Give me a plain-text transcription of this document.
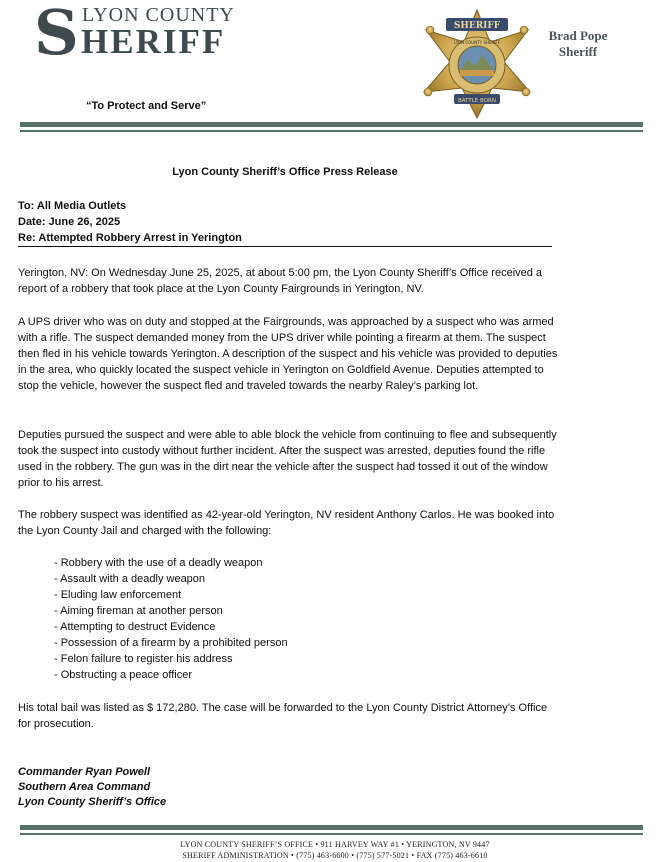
S LYON COUNTY
HERIFF
“To Protect and Serve”
SHERIFF
BATTLE BORN
LYON COUNTY SHERIFF	Brad Pope
Sheriff
Lyon County Sheriff’s Office Press Release
To: All Media Outlets
Date: June 26, 2025
Re: Attempted Robbery Arrest in Yerington

Yerington, NV: On Wednesday June 25, 2025, at about 5:00 pm, the Lyon County Sheriff’s Office received a report of a robbery that took place at the Lyon County Fairgrounds in Yerington, NV.

A UPS driver who was on duty and stopped at the Fairgrounds, was approached by a suspect who was armed with a rifle. The suspect demanded money from the UPS driver while pointing a firearm at them. The suspect then fled in his vehicle towards Yerington. A description of the suspect and his vehicle was provided to deputies in the area, who quickly located the suspect vehicle in Yerington on Goldfield Avenue. Deputies attempted to stop the vehicle, however the suspect fled and traveled towards the nearby Raley’s parking lot.

Deputies pursued the suspect and were able to able block the vehicle from continuing to flee and subsequently took the suspect into custody without further incident. After the suspect was arrested, deputies found the rifle used in the robbery. The gun was in the dirt near the vehicle after the suspect had tossed it out of the window prior to his arrest.

The robbery suspect was identified as 42-year-old Yerington, NV resident Anthony Carlos. He was booked into the Lyon County Jail and charged with the following:

- Robbery with the use of a deadly weapon
- Assault with a deadly weapon
- Eluding law enforcement
- Aiming fireman at another person
- Attempting to destruct Evidence
- Possession of a firearm by a prohibited person
- Felon failure to register his address
- Obstructing a peace officer

His total bail was listed as $ 172,280. The case will be forwarded to the Lyon County District Attorney’s Office for prosecution.

Commander Ryan Powell
Southern Area Command
Lyon County Sheriff’s Office
LYON COUNTY SHERIFF’S OFFICE • 911 HARVEY WAY #1 • YERINGTON, NV 9447
SHERIFF ADMINISTRATION • (775) 463-6600 • (775) 577-5021 • FAX (775) 463-6610
